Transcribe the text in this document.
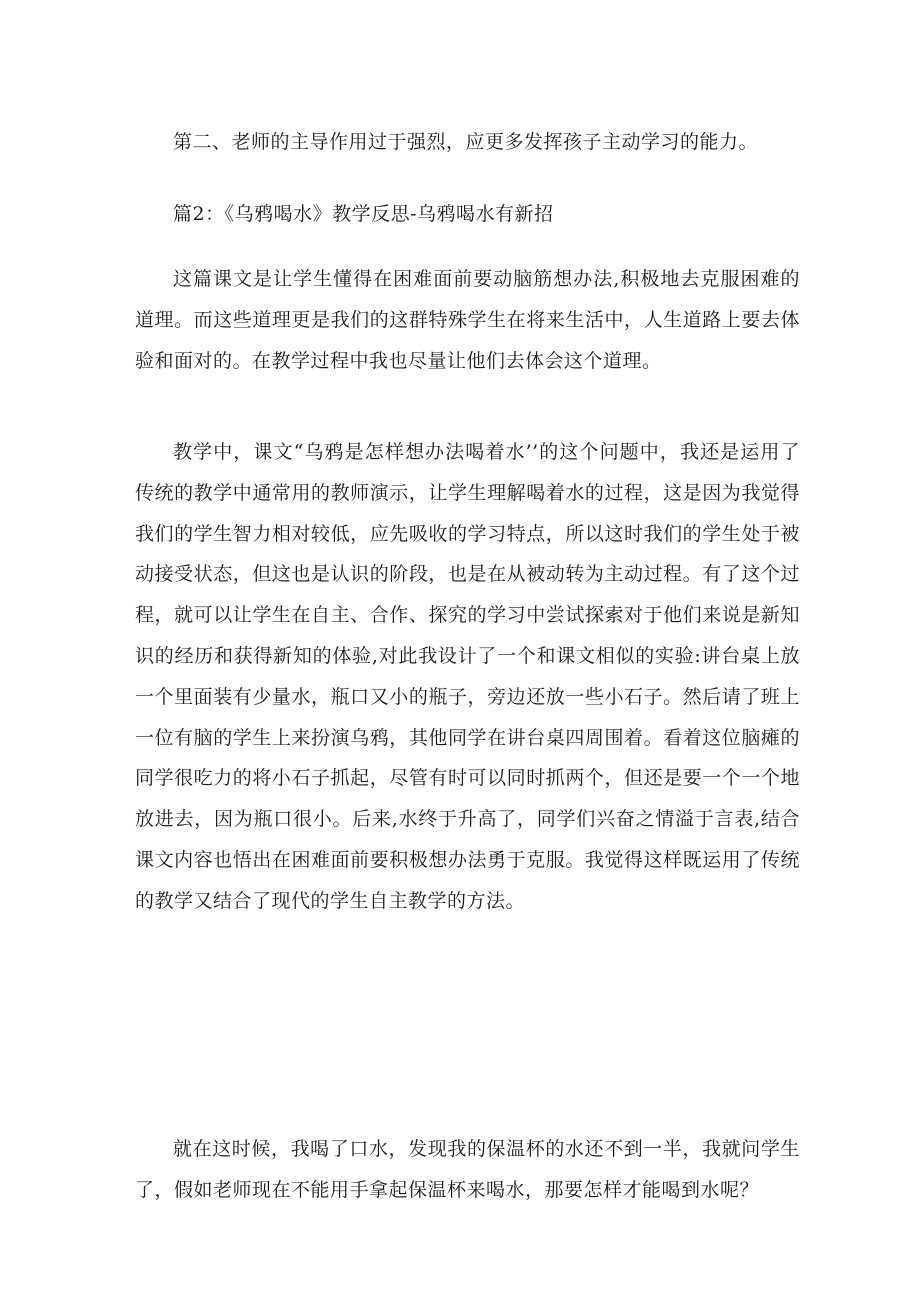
第二、老师的主导作用过于强烈，应更多发挥孩子主动学习的能力。

篇2：《乌鸦喝水》教学反思-乌鸦喝水有新招

这篇课文是让学生懂得在困难面前要动脑筋想办法,积极地去克服困难的道理。而这些道理更是我们的这群特殊学生在将来生活中，人生道路上要去体验和面对的。在教学过程中我也尽量让他们去体会这个道理。

教学中，课文“乌鸦是怎样想办法喝着水’’的这个问题中，我还是运用了传统的教学中通常用的教师演示，让学生理解喝着水的过程，这是因为我觉得我们的学生智力相对较低，应先吸收的学习特点，所以这时我们的学生处于被动接受状态，但这也是认识的阶段，也是在从被动转为主动过程。有了这个过程，就可以让学生在自主、合作、探究的学习中尝试探索对于他们来说是新知识的经历和获得新知的体验,对此我设计了一个和课文相似的实验:讲台桌上放一个里面装有少量水，瓶口又小的瓶子，旁边还放一些小石子。然后请了班上一位有脑的学生上来扮演乌鸦，其他同学在讲台桌四周围着。看着这位脑瘫的同学很吃力的将小石子抓起，尽管有时可以同时抓两个，但还是要一个一个地放进去，因为瓶口很小。后来,水终于升高了，同学们兴奋之情溢于言表,结合课文内容也悟出在困难面前要积极想办法勇于克服。我觉得这样既运用了传统的教学又结合了现代的学生自主教学的方法。

就在这时候，我喝了口水，发现我的保温杯的水还不到一半，我就问学生了，假如老师现在不能用手拿起保温杯来喝水，那要怎样才能喝到水呢？
